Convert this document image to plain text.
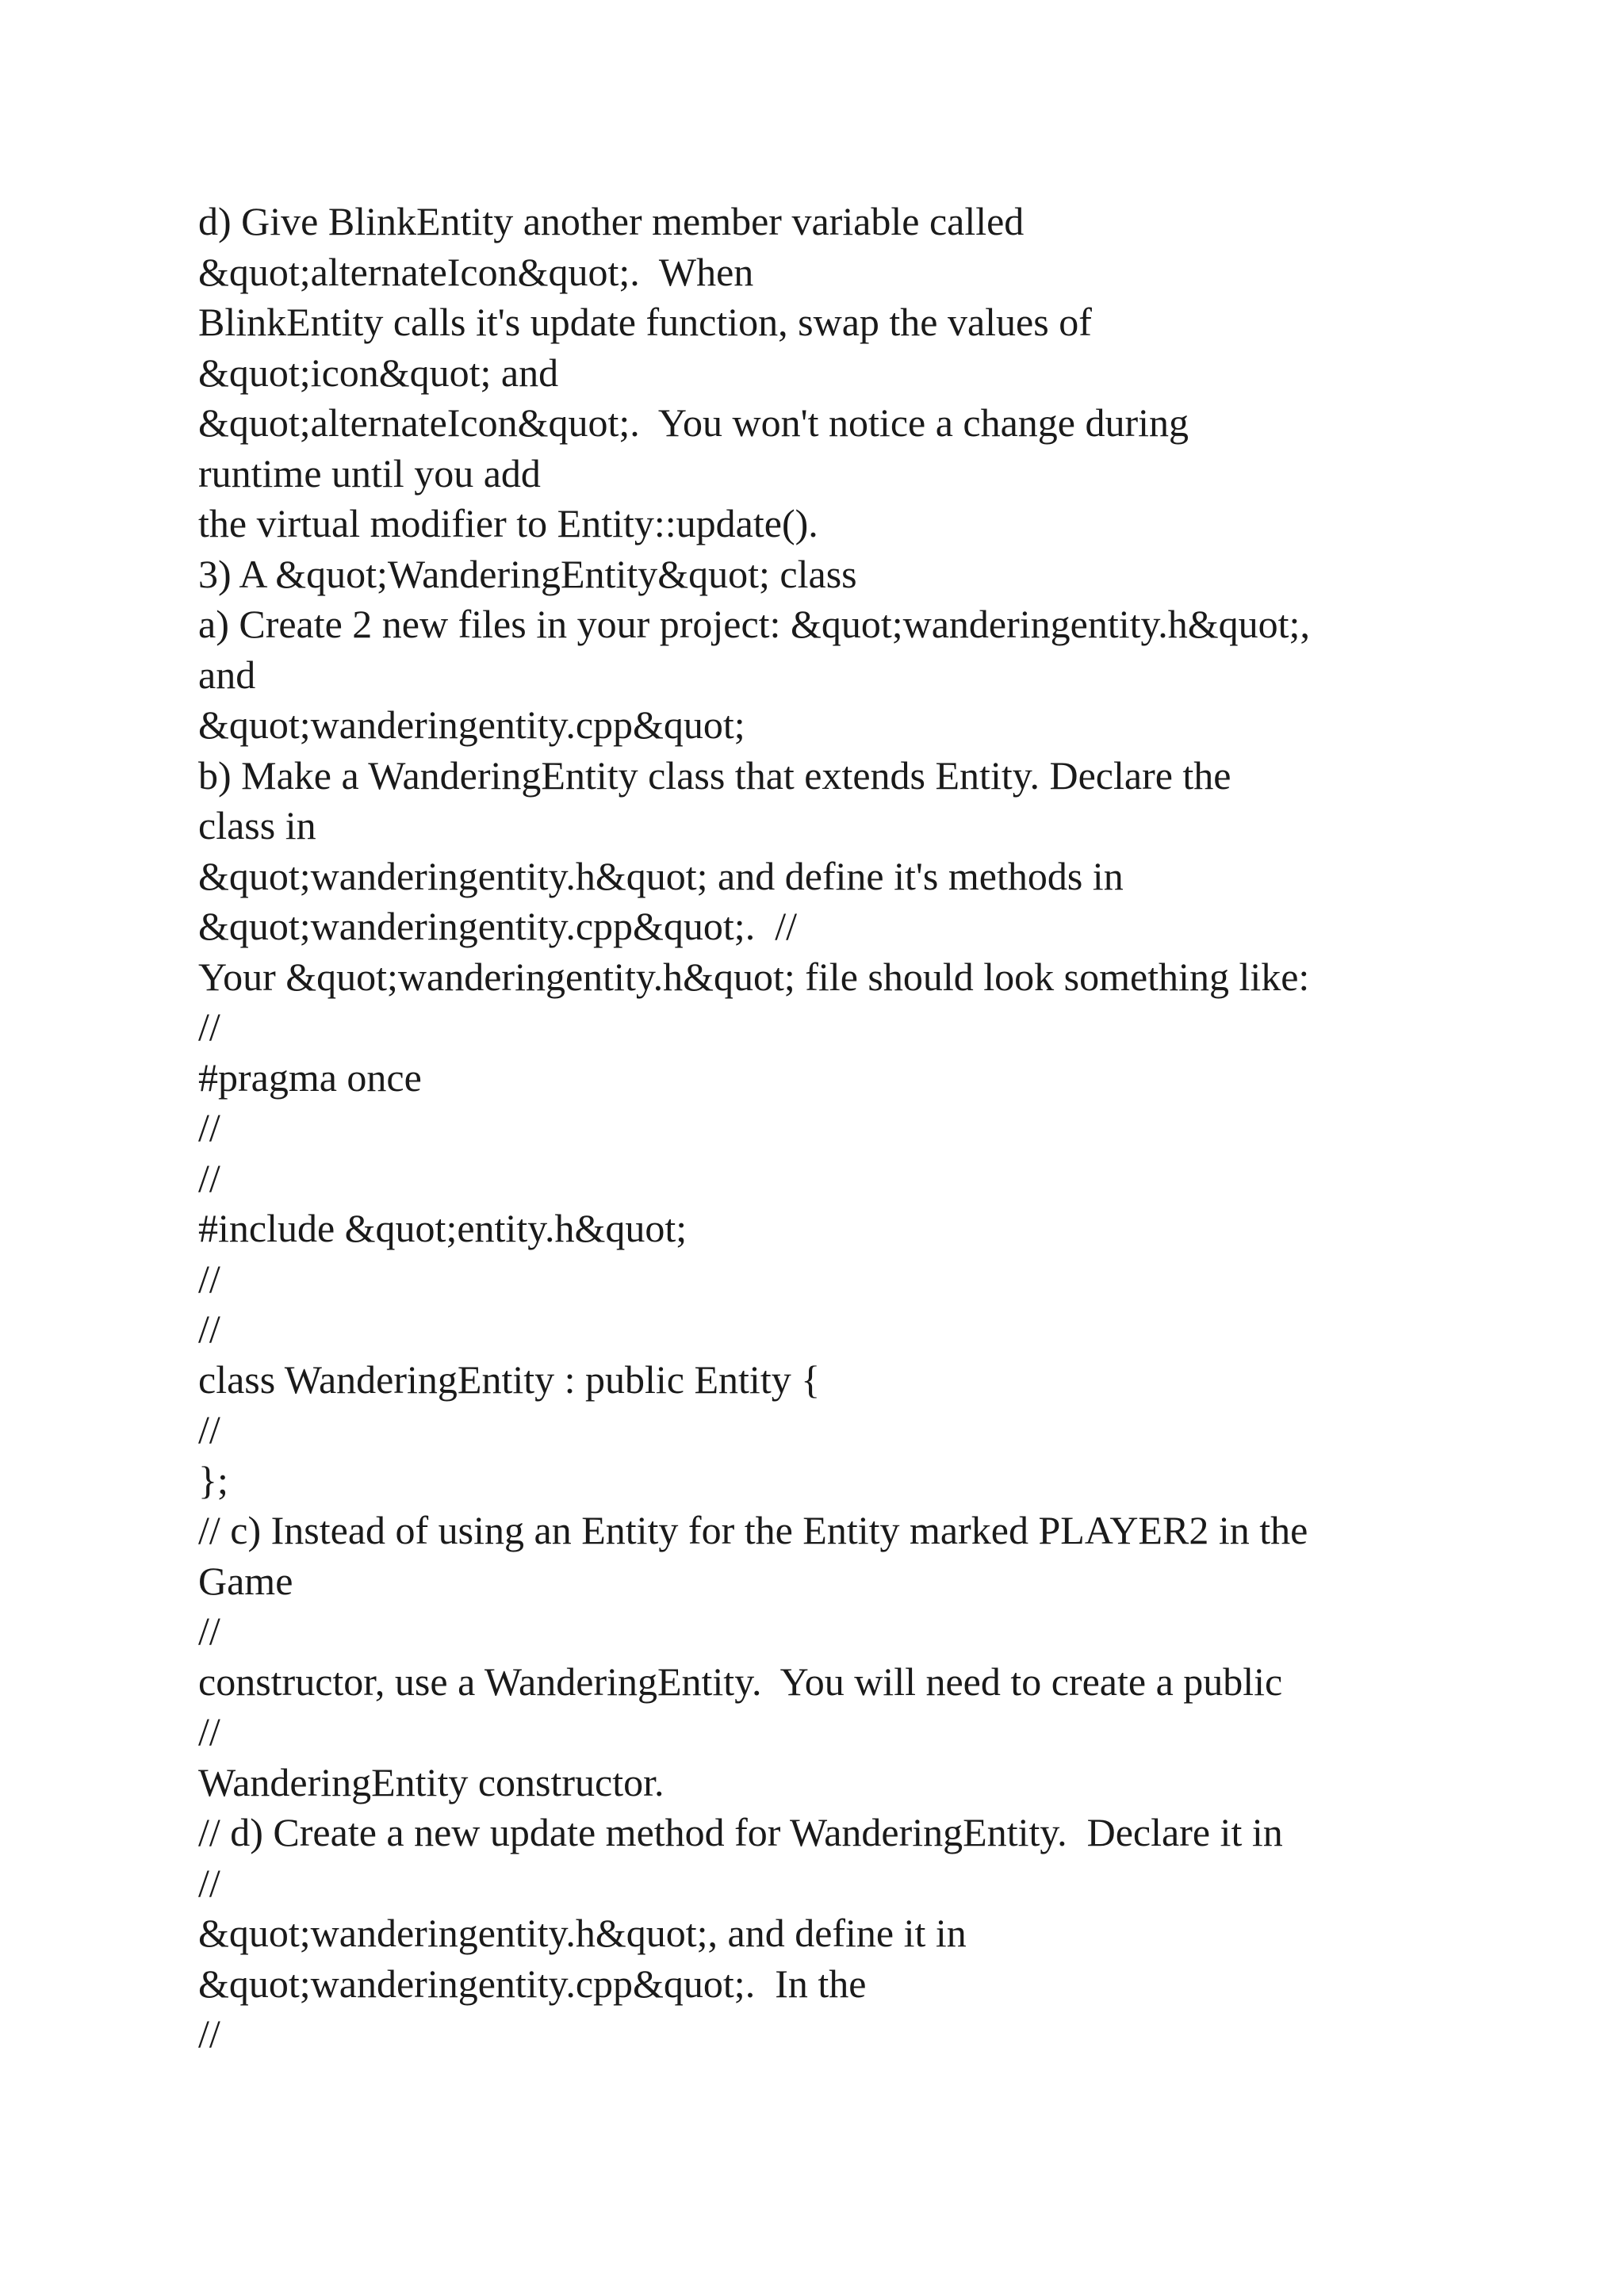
d) Give BlinkEntity another member variable called
&quot;alternateIcon&quot;.  When
BlinkEntity calls it's update function, swap the values of
&quot;icon&quot; and
&quot;alternateIcon&quot;.  You won't notice a change during
runtime until you add
the virtual modifier to Entity::update().
3) A &quot;WanderingEntity&quot; class
a) Create 2 new files in your project: &quot;wanderingentity.h&quot;,
and
&quot;wanderingentity.cpp&quot;
b) Make a WanderingEntity class that extends Entity. Declare the
class in
&quot;wanderingentity.h&quot; and define it's methods in
&quot;wanderingentity.cpp&quot;.  //
Your &quot;wanderingentity.h&quot; file should look something like:
//
#pragma once
//
//
#include &quot;entity.h&quot;
//
//
class WanderingEntity : public Entity {
//
};
// c) Instead of using an Entity for the Entity marked PLAYER2 in the
Game
//
constructor, use a WanderingEntity.  You will need to create a public
//
WanderingEntity constructor.
// d) Create a new update method for WanderingEntity.  Declare it in
//
&quot;wanderingentity.h&quot;, and define it in
&quot;wanderingentity.cpp&quot;.  In the
//
